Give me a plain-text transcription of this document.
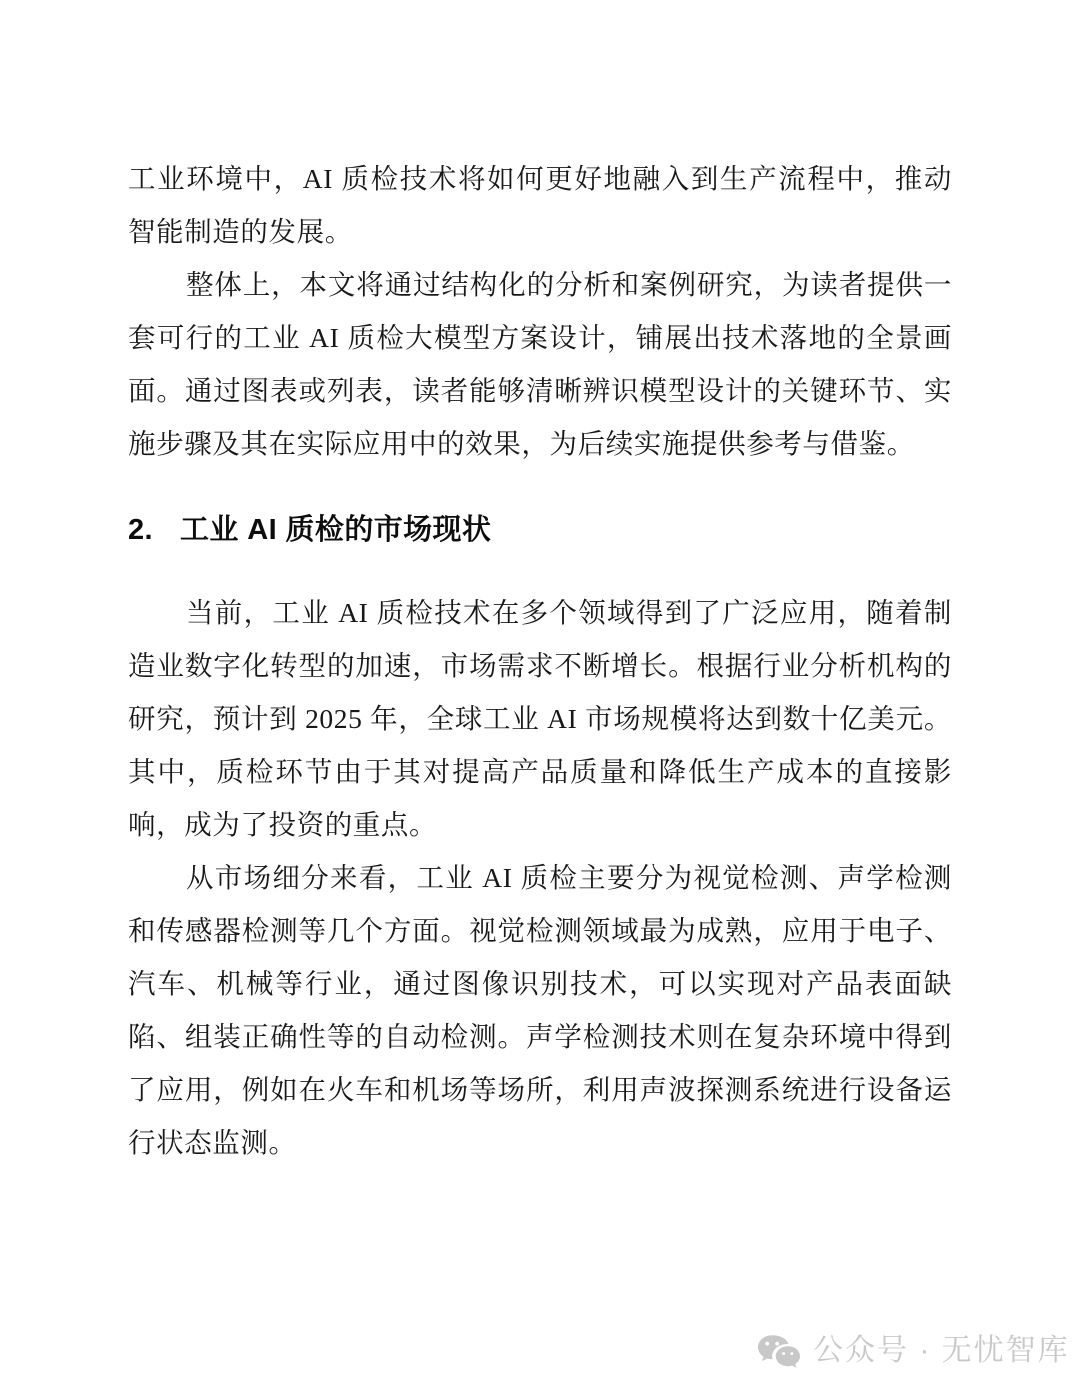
工业环境中，AI 质检技术将如何更好地融入到生产流程中，推动智能制造的发展。

整体上，本文将通过结构化的分析和案例研究，为读者提供一套可行的工业 AI 质检大模型方案设计，铺展出技术落地的全景画面。通过图表或列表，读者能够清晰辨识模型设计的关键环节、实施步骤及其在实际应用中的效果，为后续实施提供参考与借鉴。

2. 工业 AI 质检的市场现状

当前，工业 AI 质检技术在多个领域得到了广泛应用，随着制造业数字化转型的加速，市场需求不断增长。根据行业分析机构的研究，预计到 2025 年，全球工业 AI 市场规模将达到数十亿美元。其中，质检环节由于其对提高产品质量和降低生产成本的直接影响，成为了投资的重点。

从市场细分来看，工业 AI 质检主要分为视觉检测、声学检测和传感器检测等几个方面。视觉检测领域最为成熟，应用于电子、汽车、机械等行业，通过图像识别技术，可以实现对产品表面缺陷、组装正确性等的自动检测。声学检测技术则在复杂环境中得到了应用，例如在火车和机场等场所，利用声波探测系统进行设备运行状态监测。

公众号 · 无忧智库
